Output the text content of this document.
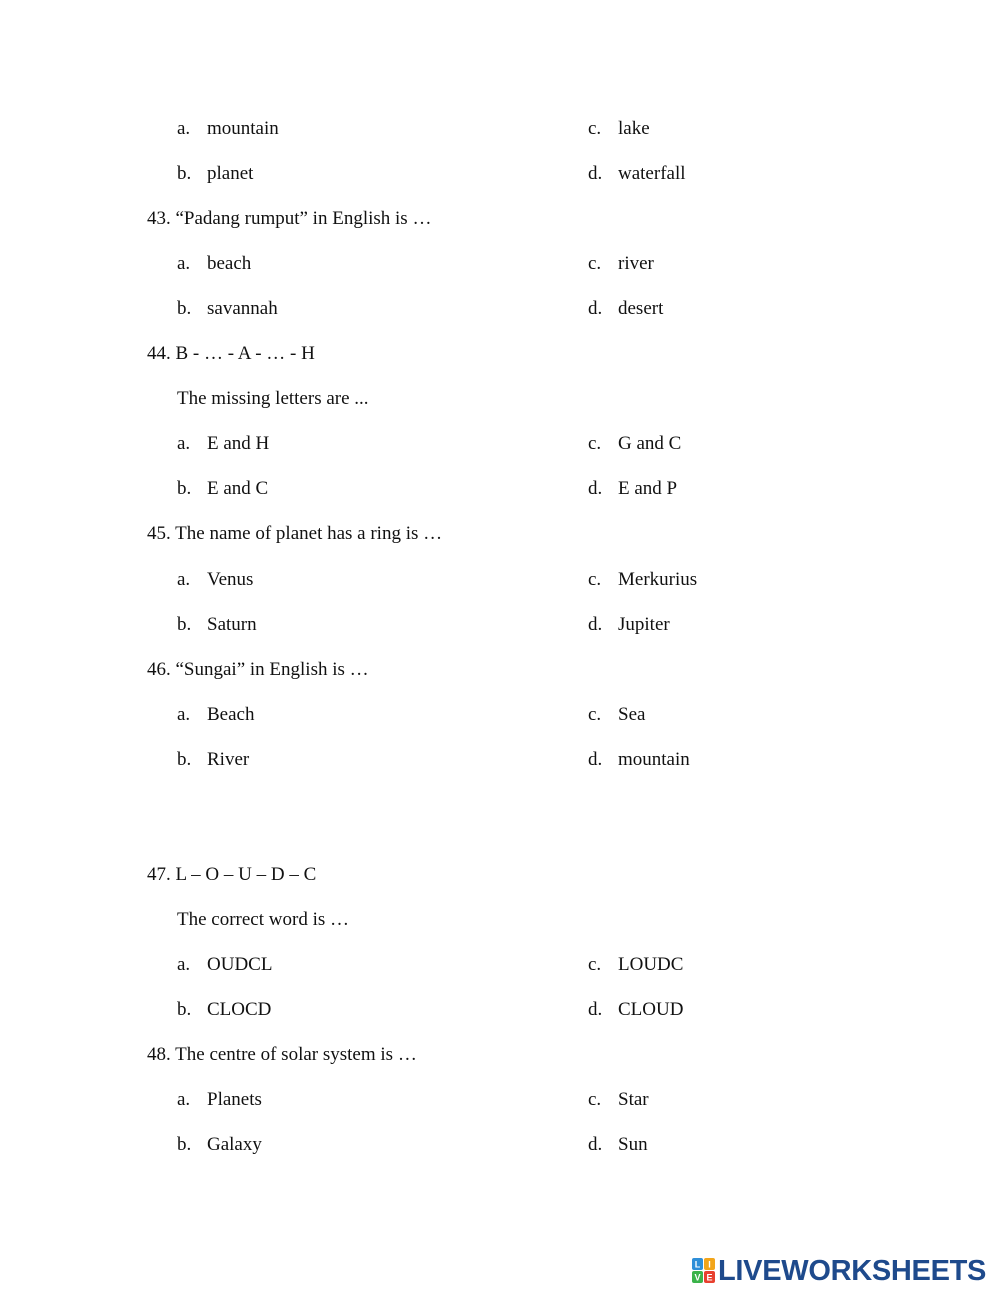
a. mountain	c. lake
b. planet	d. waterfall
43. “Padang rumput” in English is …
a. beach	c. river
b. savannah	d. desert
44. B - … - A - … - H
The missing letters are ...
a. E and H	c. G and C
b. E and C	d. E and P
45. The name of planet has a ring is …
a. Venus	c. Merkurius
b. Saturn	d. Jupiter
46. “Sungai” in English is …
a. Beach	c. Sea
b. River	d. mountain
47. L – O – U – D – C
The correct word is …
a. OUDCL	c. LOUDC
b. CLOCD	d. CLOUD
48. The centre of solar system is …
a. Planets	c. Star
b. Galaxy	d. Sun
L I
V E LIVEWORKSHEETS
